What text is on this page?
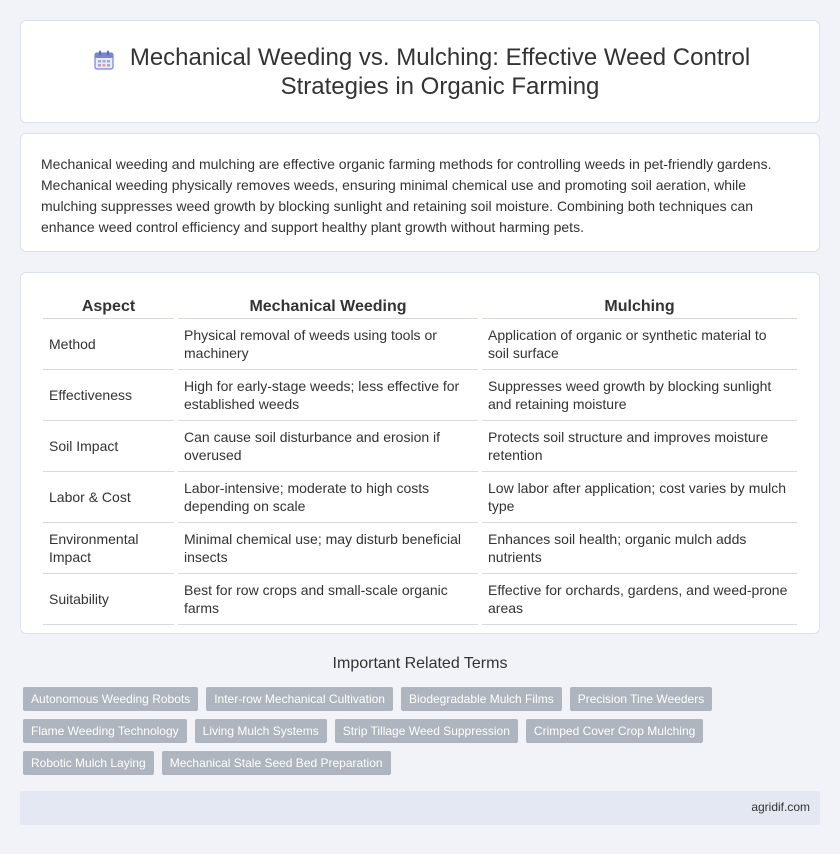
Mechanical Weeding vs. Mulching: Effective Weed Control Strategies in Organic Farming

Mechanical weeding and mulching are effective organic farming methods for controlling weeds in pet-friendly gardens. Mechanical weeding physically removes weeds, ensuring minimal chemical use and promoting soil aeration, while mulching suppresses weed growth by blocking sunlight and retaining soil moisture. Combining both techniques can enhance weed control efficiency and support healthy plant growth without harming pets.

Aspect	Mechanical Weeding	Mulching
Method	Physical removal of weeds using tools or machinery	Application of organic or synthetic material to soil surface
Effectiveness	High for early-stage weeds; less effective for established weeds	Suppresses weed growth by blocking sunlight and retaining moisture
Soil Impact	Can cause soil disturbance and erosion if overused	Protects soil structure and improves moisture retention
Labor & Cost	Labor-intensive; moderate to high costs depending on scale	Low labor after application; cost varies by mulch type
Environmental Impact	Minimal chemical use; may disturb beneficial insects	Enhances soil health; organic mulch adds nutrients
Suitability	Best for row crops and small-scale organic farms	Effective for orchards, gardens, and weed-prone areas
Important Related Terms
Autonomous Weeding Robots	Inter-row Mechanical Cultivation	Biodegradable Mulch Films	Precision Tine Weeders
Flame Weeding Technology	Living Mulch Systems	Strip Tillage Weed Suppression	Crimped Cover Crop Mulching
Robotic Mulch Laying	Mechanical Stale Seed Bed Preparation
agridif.com
